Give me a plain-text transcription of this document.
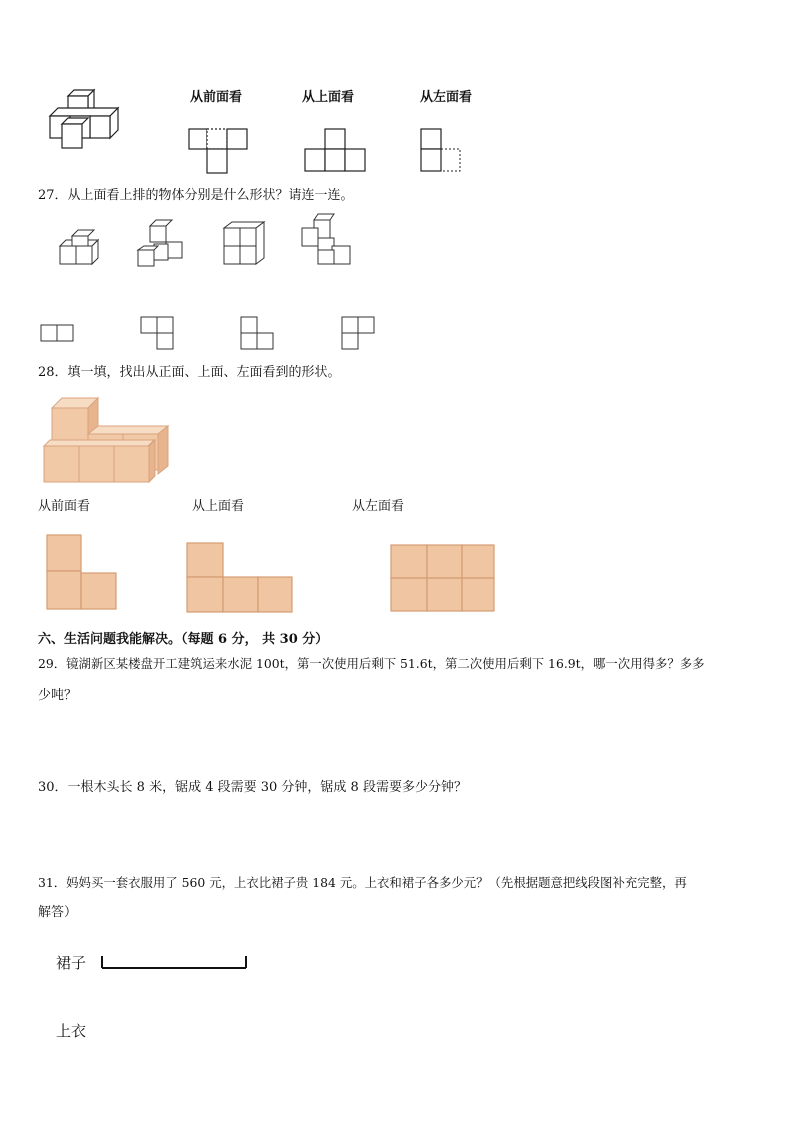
从前面看	从上面看	从左面看
27．从上面看上排的物体分别是什么形状？请连一连。
28．填一填，找出从正面、上面、左面看到的形状。
从前面看	从上面看	从左面看
六、生活问题我能解决。（每题 6 分， 共 30 分）
29．镜湖新区某楼盘开工建筑运来水泥 100t，第一次使用后剩下 51.6t，第二次使用后剩下 16.9t，哪一次用得多？多多
少吨？
30．一根木头长 8 米，锯成 4 段需要 30 分钟，锯成 8 段需要多少分钟？
31．妈妈买一套衣服用了 560 元，上衣比裙子贵 184 元。上衣和裙子各多少元？（先根据题意把线段图补充完整，再
解答）
裙子
上衣
